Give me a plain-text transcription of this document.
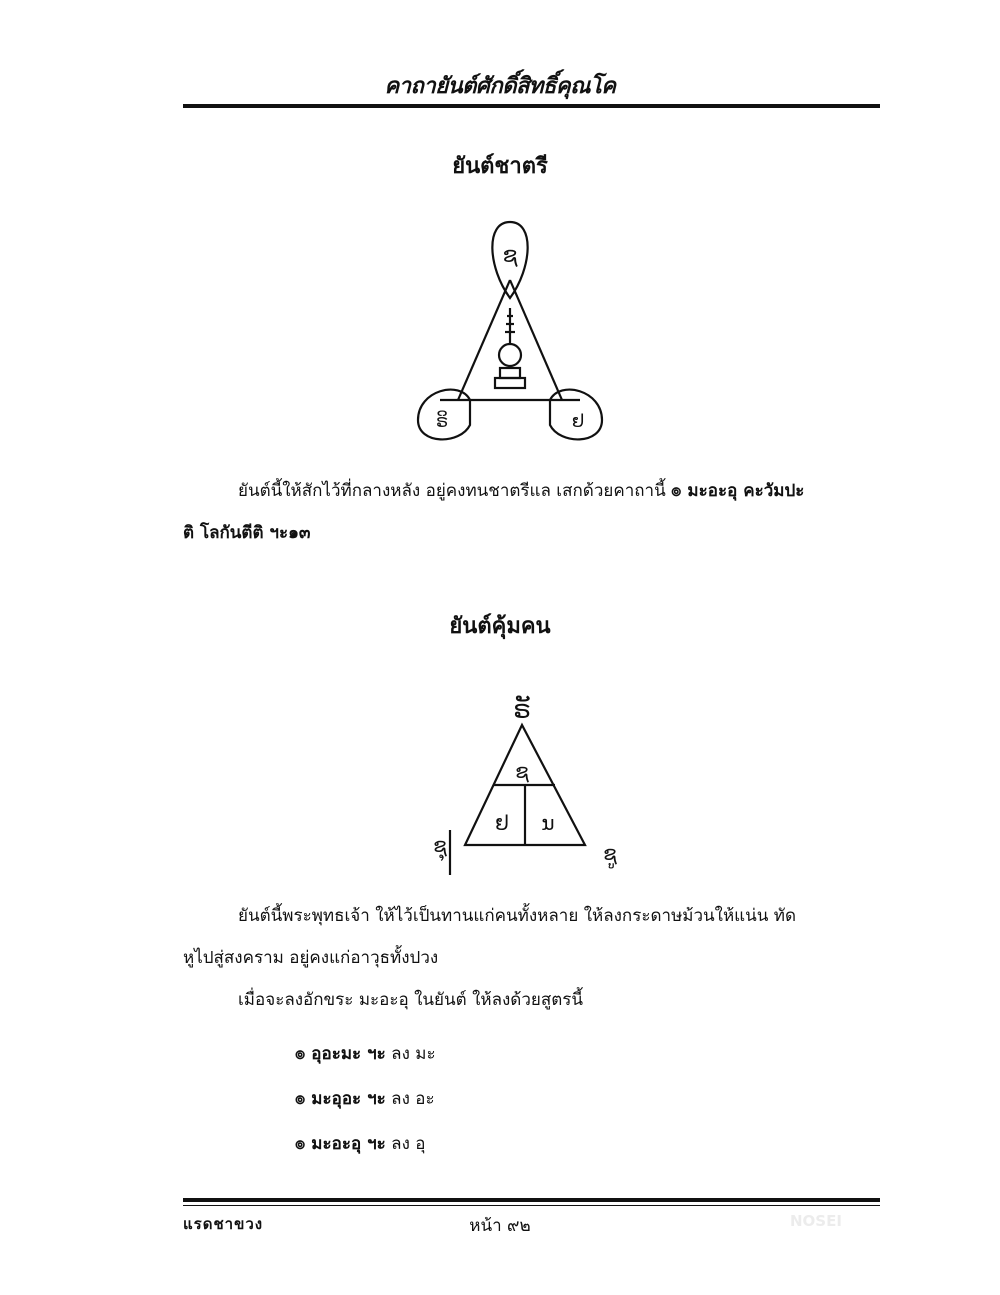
คาถายันต์ศักดิ์สิทธิ์คุณโค
ยันต์ชาตรี
ຊ
ຣິ	ຢ
ยันต์นี้ให้สักไว้ที่กลางหลัง อยู่คงทนชาตรีแล เสกด้วยคาถานี้ ๏ มะอะอุ คะวัมปะ
ติ โลกันตีติ ฯะ๑๓
ยันต์คุ้มคน
ຣັ
ຊ
ຢ ນ
ຊຸ	ຊູ
ยันต์นี้พระพุทธเจ้า ให้ไว้เป็นทานแก่คนทั้งหลาย ให้ลงกระดาษม้วนให้แน่น ทัด
หูไปสู่สงคราม อยู่คงแก่อาวุธทั้งปวง
เมื่อจะลงอักขระ มะอะอุ ในยันต์ ให้ลงด้วยสูตรนี้
๏ อุอะมะ ฯะ ลง มะ
๏ มะอุอะ ฯะ ลง อะ
๏ มะอะอุ ฯะ ลง อุ
แรดชาขวง	หน้า ๙๒	NOSEI
